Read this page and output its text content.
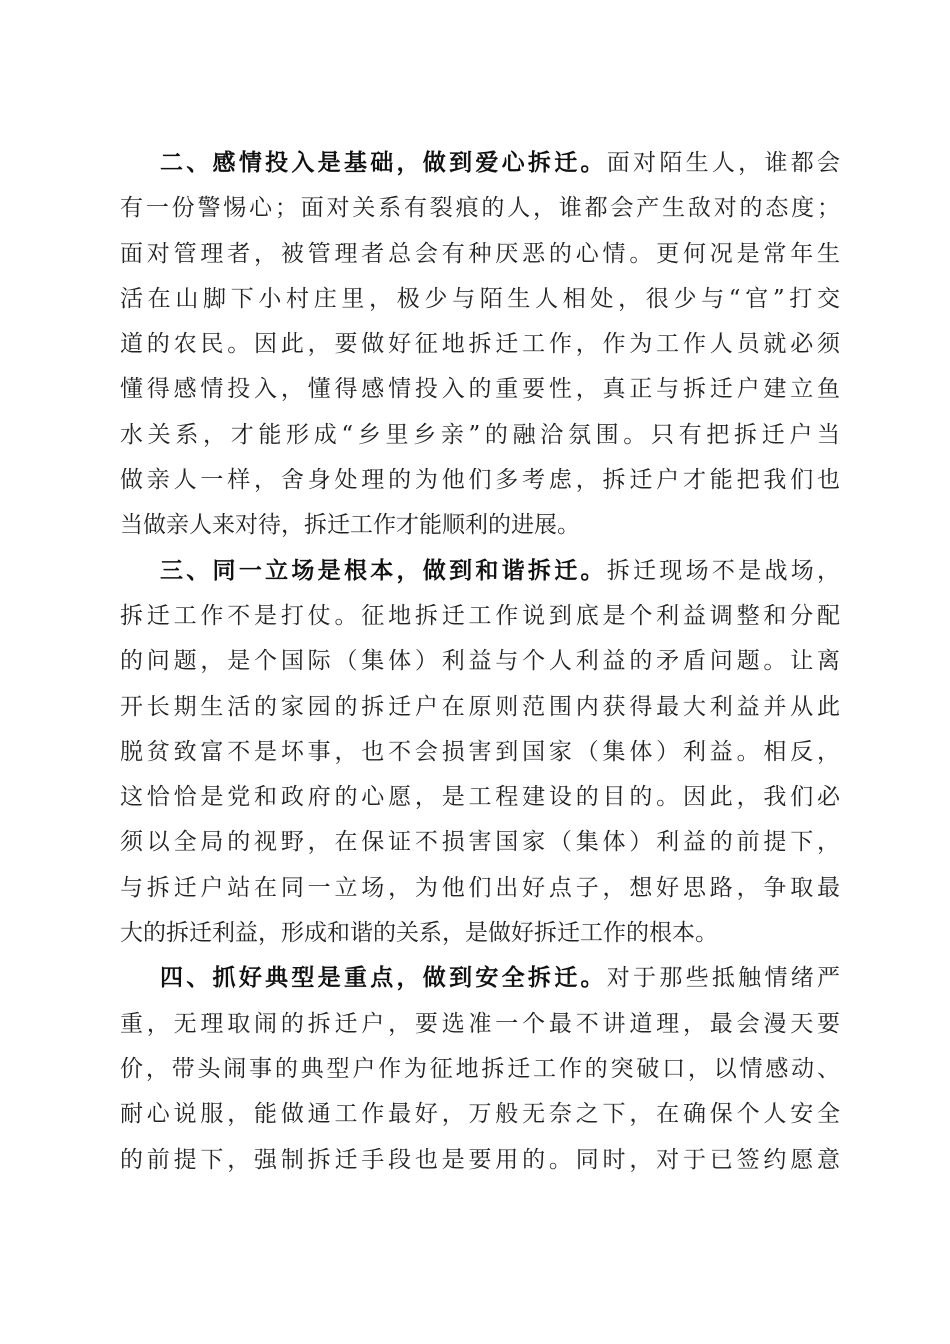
二、感情投入是基础，做到爱心拆迁。面对陌生人，谁都会
有一份警惕心；面对关系有裂痕的人，谁都会产生敌对的态度；
面对管理者，被管理者总会有种厌恶的心情。更何况是常年生
活在山脚下小村庄里，极少与陌生人相处，很少与“官”打交
道的农民。因此，要做好征地拆迁工作，作为工作人员就必须
懂得感情投入，懂得感情投入的重要性，真正与拆迁户建立鱼
水关系，才能形成“乡里乡亲”的融洽氛围。只有把拆迁户当
做亲人一样，舍身处理的为他们多考虑，拆迁户才能把我们也
当做亲人来对待，拆迁工作才能顺利的进展。
三、同一立场是根本，做到和谐拆迁。拆迁现场不是战场，
拆迁工作不是打仗。征地拆迁工作说到底是个利益调整和分配
的问题，是个国际（集体）利益与个人利益的矛盾问题。让离
开长期生活的家园的拆迁户在原则范围内获得最大利益并从此
脱贫致富不是坏事，也不会损害到国家（集体）利益。相反，
这恰恰是党和政府的心愿，是工程建设的目的。因此，我们必
须以全局的视野，在保证不损害国家（集体）利益的前提下，
与拆迁户站在同一立场，为他们出好点子，想好思路，争取最
大的拆迁利益，形成和谐的关系，是做好拆迁工作的根本。
四、抓好典型是重点，做到安全拆迁。对于那些抵触情绪严
重，无理取闹的拆迁户，要选准一个最不讲道理，最会漫天要
价，带头闹事的典型户作为征地拆迁工作的突破口，以情感动、
耐心说服，能做通工作最好，万般无奈之下，在确保个人安全
的前提下，强制拆迁手段也是要用的。同时，对于已签约愿意
